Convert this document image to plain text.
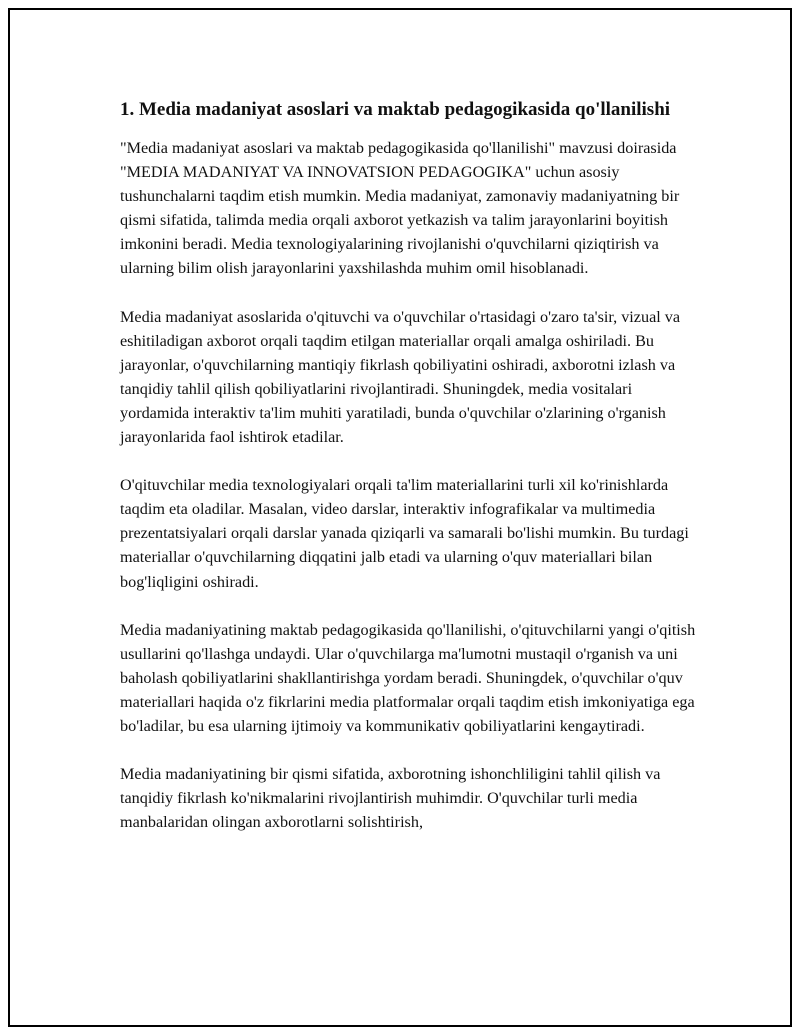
1. Media madaniyat asoslari va maktab pedagogikasida qo'llanilishi

"Media madaniyat asoslari va maktab pedagogikasida qo'llanilishi" mavzusi doirasida "MEDIA MADANIYAT VA INNOVATSION PEDAGOGIKA" uchun asosiy tushunchalarni taqdim etish mumkin. Media madaniyat, zamonaviy madaniyatning bir qismi sifatida, talimda media orqali axborot yetkazish va talim jarayonlarini boyitish imkonini beradi. Media texnologiyalarining rivojlanishi o'quvchilarni qiziqtirish va ularning bilim olish jarayonlarini yaxshilashda muhim omil hisoblanadi.

Media madaniyat asoslarida o'qituvchi va o'quvchilar o'rtasidagi o'zaro ta'sir, vizual va eshitiladigan axborot orqali taqdim etilgan materiallar orqali amalga oshiriladi. Bu jarayonlar, o'quvchilarning mantiqiy fikrlash qobiliyatini oshiradi, axborotni izlash va tanqidiy tahlil qilish qobiliyatlarini rivojlantiradi. Shuningdek, media vositalari yordamida interaktiv ta'lim muhiti yaratiladi, bunda o'quvchilar o'zlarining o'rganish jarayonlarida faol ishtirok etadilar.

O'qituvchilar media texnologiyalari orqali ta'lim materiallarini turli xil ko'rinishlarda taqdim eta oladilar. Masalan, video darslar, interaktiv infografikalar va multimedia prezentatsiyalari orqali darslar yanada qiziqarli va samarali bo'lishi mumkin. Bu turdagi materiallar o'quvchilarning diqqatini jalb etadi va ularning o'quv materiallari bilan bog'liqligini oshiradi.

Media madaniyatining maktab pedagogikasida qo'llanilishi, o'qituvchilarni yangi o'qitish usullarini qo'llashga undaydi. Ular o'quvchilarga ma'lumotni mustaqil o'rganish va uni baholash qobiliyatlarini shakllantirishga yordam beradi. Shuningdek, o'quvchilar o'quv materiallari haqida o'z fikrlarini media platformalar orqali taqdim etish imkoniyatiga ega bo'ladilar, bu esa ularning ijtimoiy va kommunikativ qobiliyatlarini kengaytiradi.

Media madaniyatining bir qismi sifatida, axborotning ishonchliligini tahlil qilish va tanqidiy fikrlash ko'nikmalarini rivojlantirish muhimdir. O'quvchilar turli media manbalaridan olingan axborotlarni solishtirish,
